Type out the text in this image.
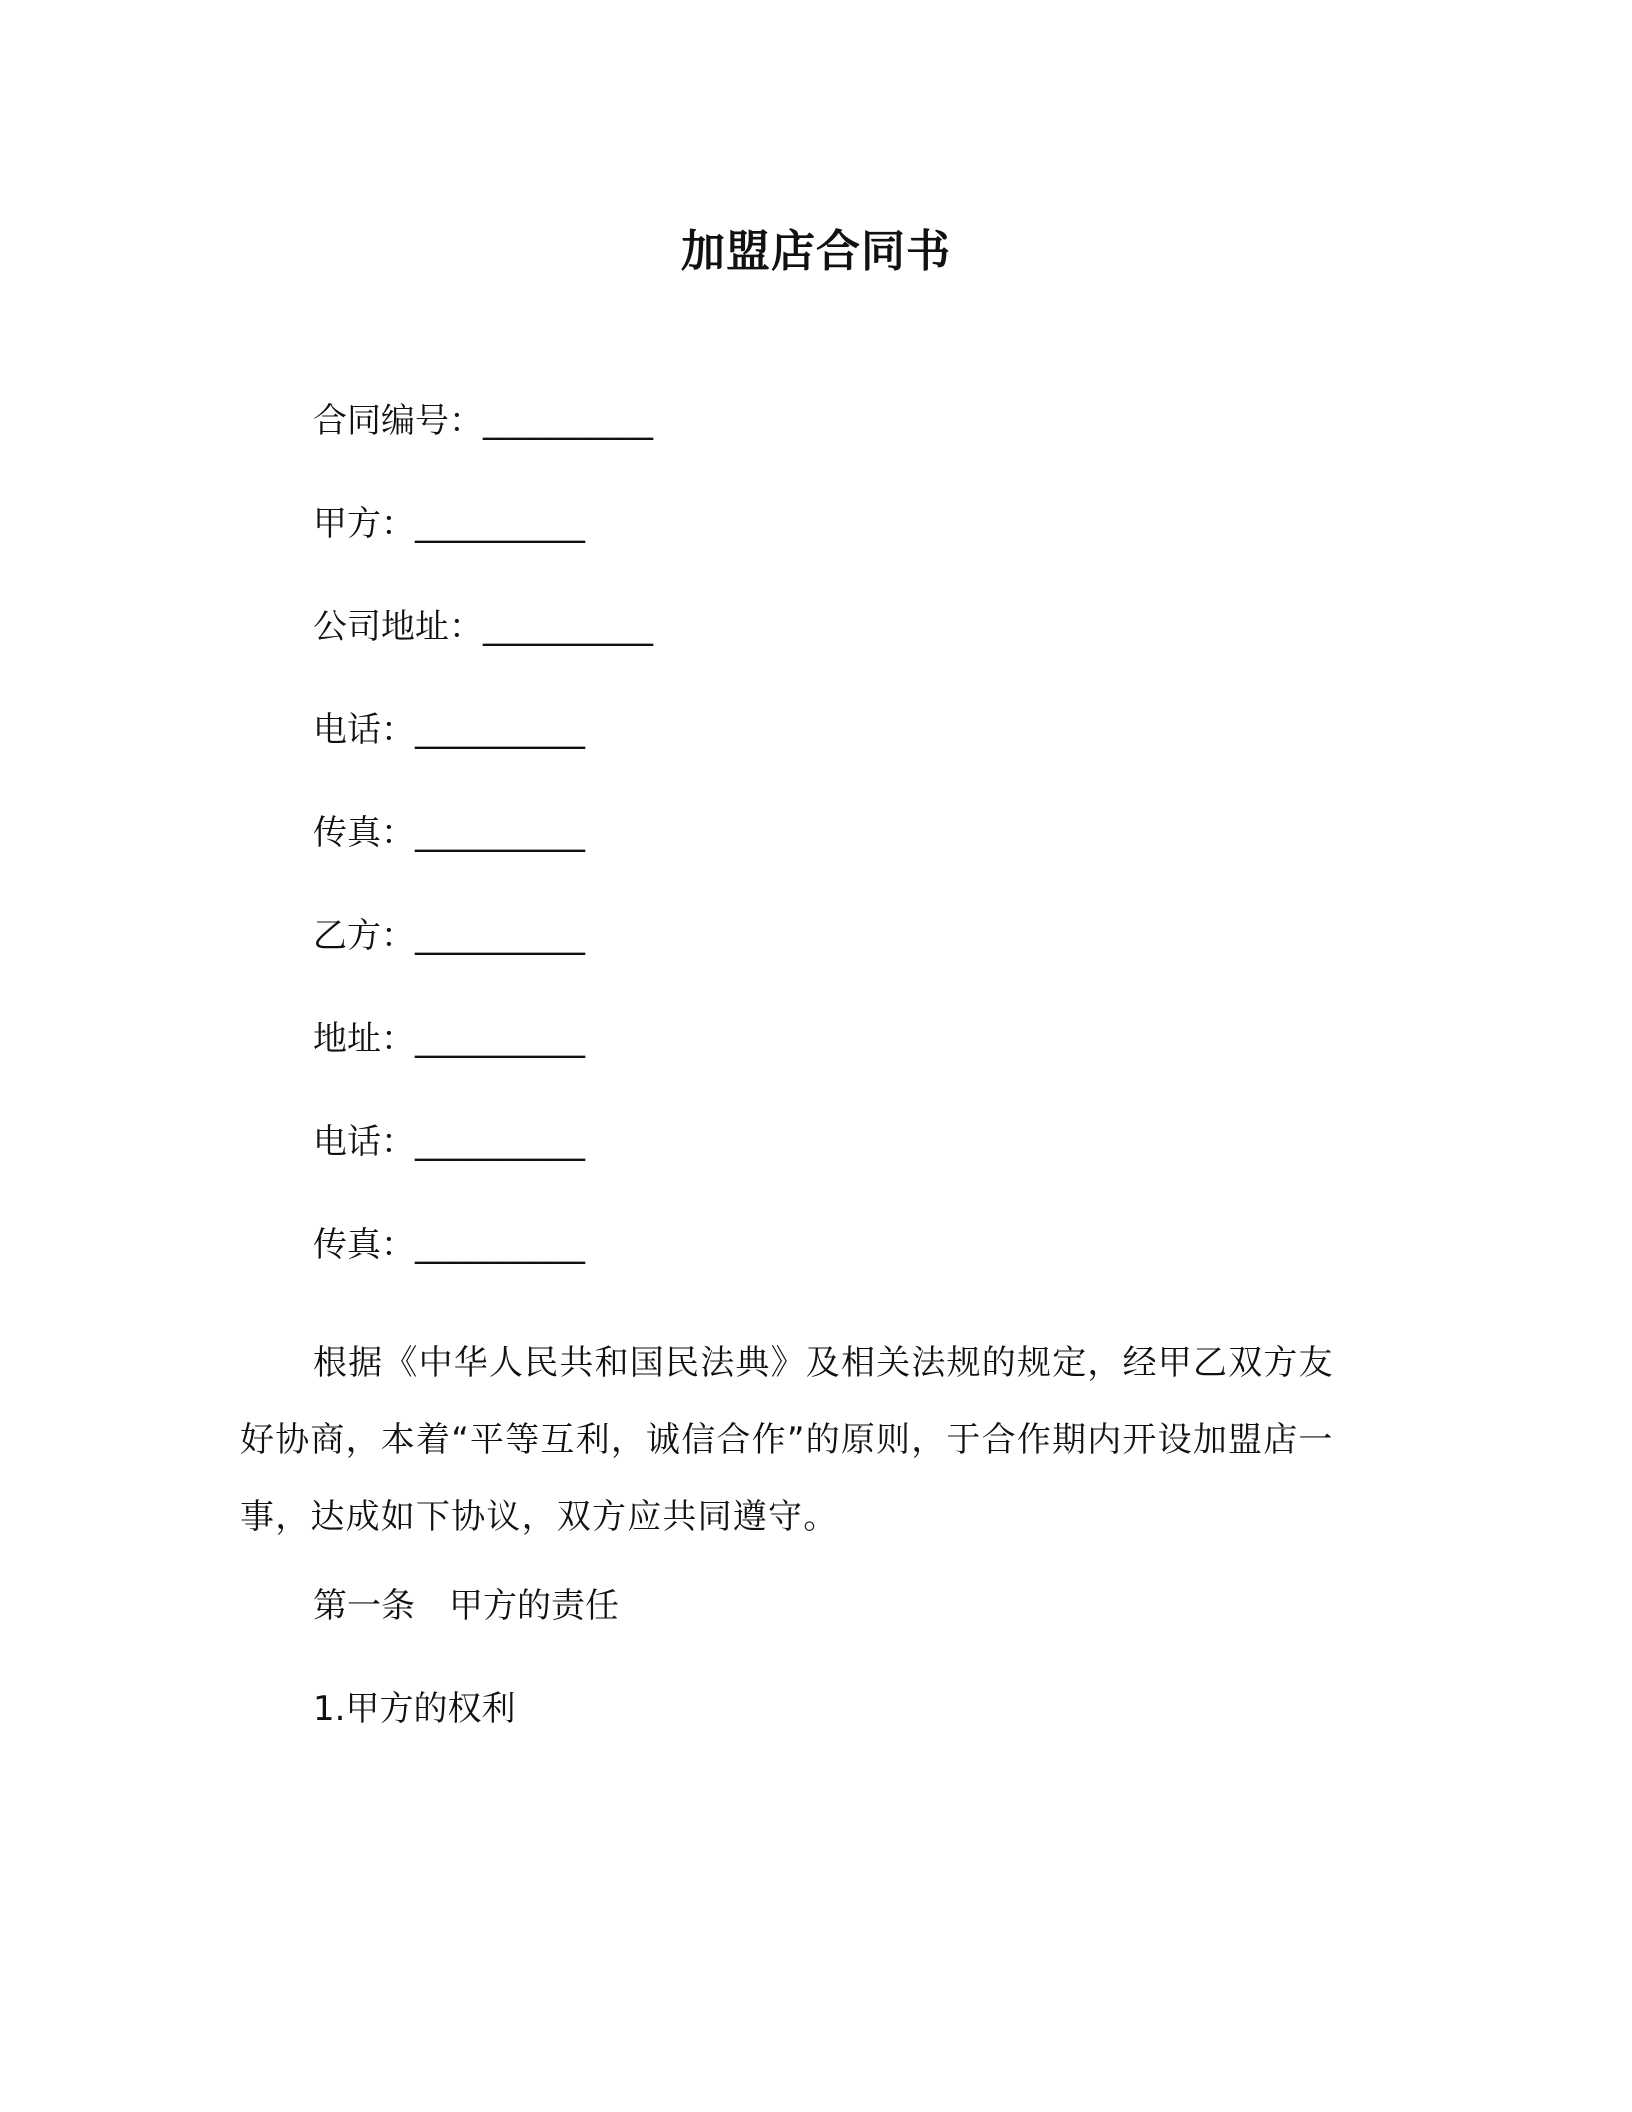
加盟店合同书
合同编号：__________
甲方：__________
公司地址：__________
电话：__________
传真：__________
乙方：__________
地址：__________
电话：__________
传真：__________
根据《中华人民共和国民法典》及相关法规的规定，经甲乙双方友好协商，本着“平等互利，诚信合作”的原则，于合作期内开设加盟店一事，达成如下协议，双方应共同遵守。
第一条　甲方的责任
1.甲方的权利
